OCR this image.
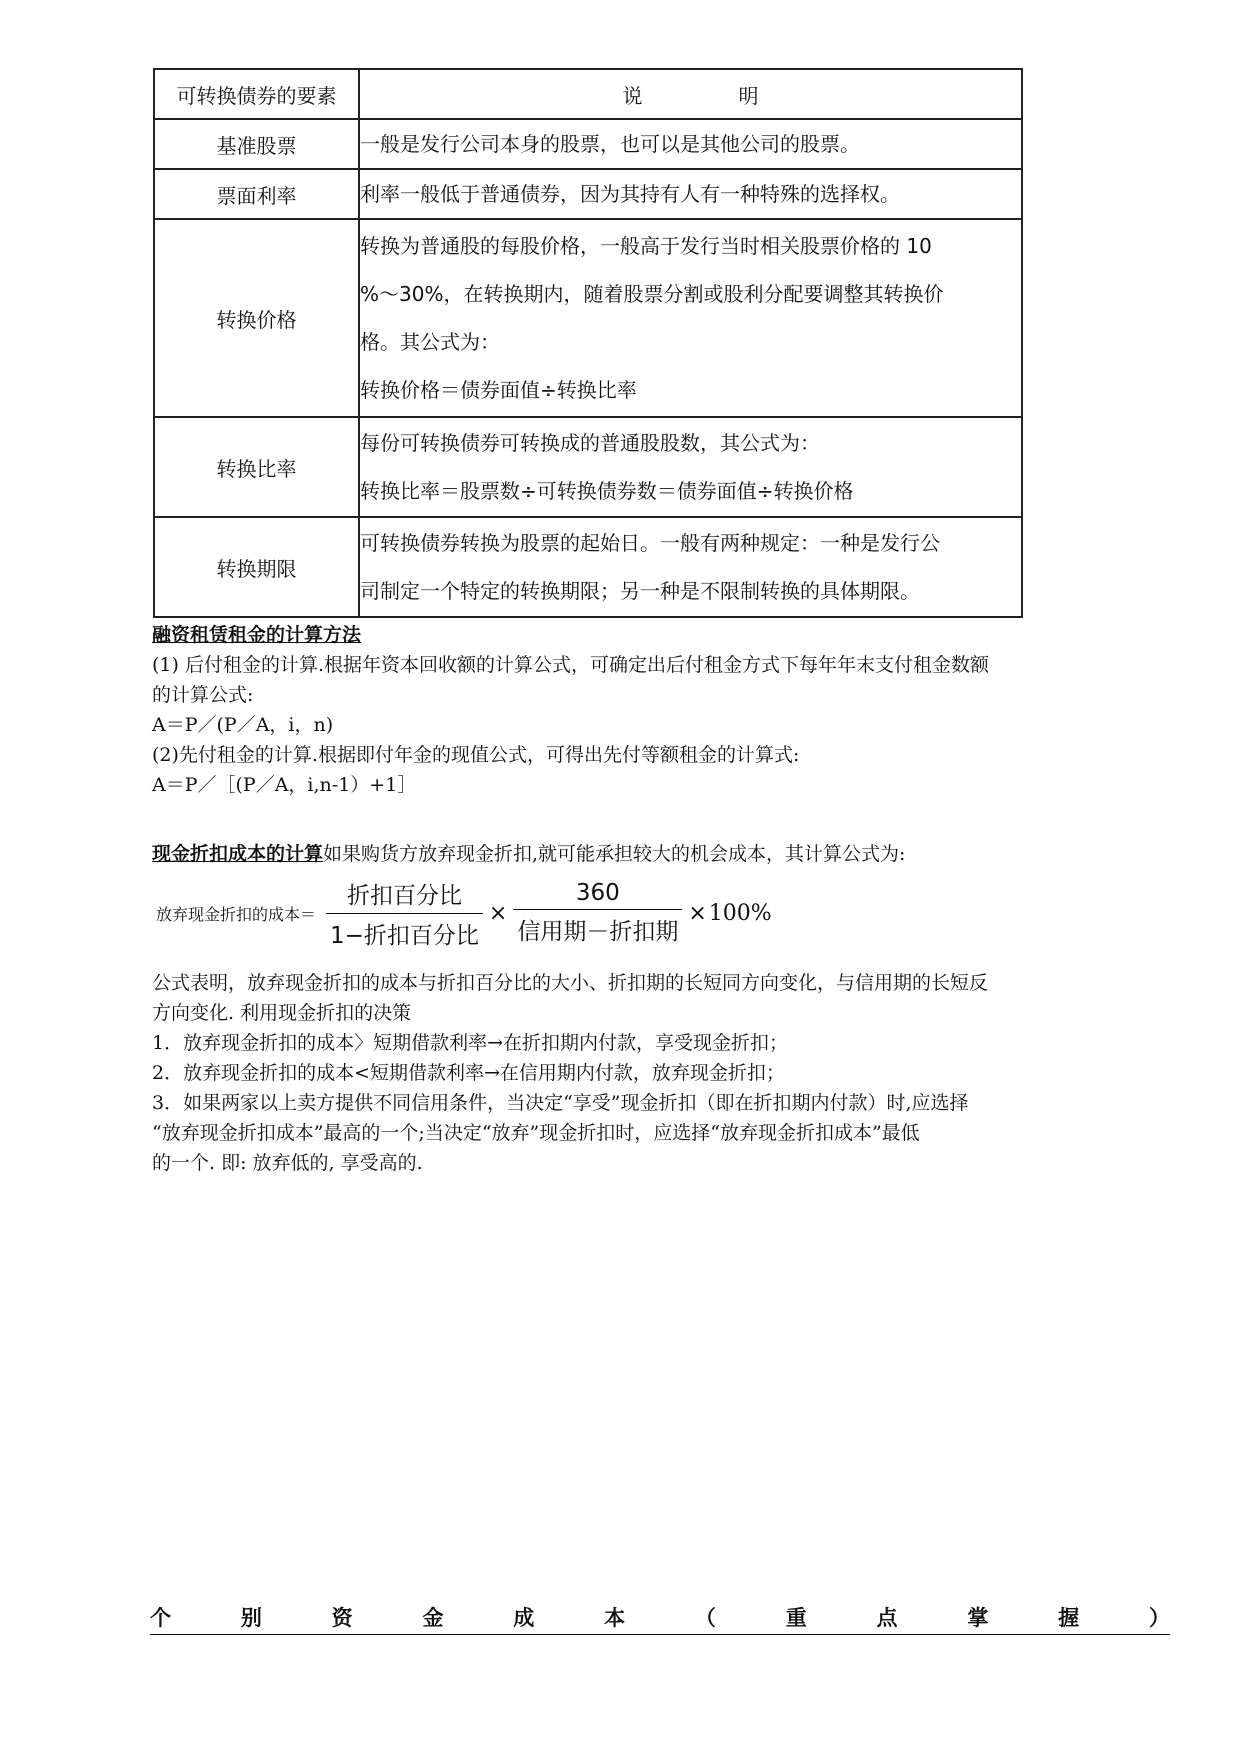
可转换债券的要素	说 明
基准股票	一般是发行公司本身的股票，也可以是其他公司的股票。

票面利率	利率一般低于普通债券，因为其持有人有一种特殊的选择权。

转换价格	转换为普通股的每股价格，一般高于发行当时相关股票价格的 10

%～30%，在转换期内，随着股票分割或股利分配要调整其转换价

格。其公式为：

转换价格＝债券面值÷转换比率

转换比率	每份可转换债券可转换成的普通股股数，其公式为：

转换比率＝股票数÷可转换债券数＝债券面值÷转换价格

转换期限	可转换债券转换为股票的起始日。一般有两种规定：一种是发行公

司制定一个特定的转换期限；另一种是不限制转换的具体期限。

融资租赁租金的计算方法

(1) 后付租金的计算.根据年资本回收额的计算公式，可确定出后付租金方式下每年年末支付租金数额

的计算公式:

A＝P／(P／A，i，n)

(2)先付租金的计算.根据即付年金的现值公式，可得出先付等额租金的计算式:

A＝P／［(P／A，i,n-1）+1］

现金折扣成本的计算如果购货方放弃现金折扣,就可能承担较大的机会成本，其计算公式为:

放弃现金折扣的成本＝ $\frac{\text{折扣百分比}}{\text{1−折扣百分比}} \times \frac{360}{\text{信用期－折扣期}} \times 100\%$

公式表明，放弃现金折扣的成本与折扣百分比的大小、折扣期的长短同方向变化，与信用期的长短反

方向变化. 利用现金折扣的决策

1．放弃现金折扣的成本〉短期借款利率→在折扣期内付款，享受现金折扣；

2．放弃现金折扣的成本<短期借款利率→在信用期内付款，放弃现金折扣；

3．如果两家以上卖方提供不同信用条件，当决定“享受”现金折扣（即在折扣期内付款）时,应选择

“放弃现金折扣成本”最高的一个;当决定“放弃”现金折扣时，应选择“放弃现金折扣成本”最低

的一个. 即: 放弃低的, 享受高的.

个	别	资	金	成	本	（	重	点	掌	握	）
